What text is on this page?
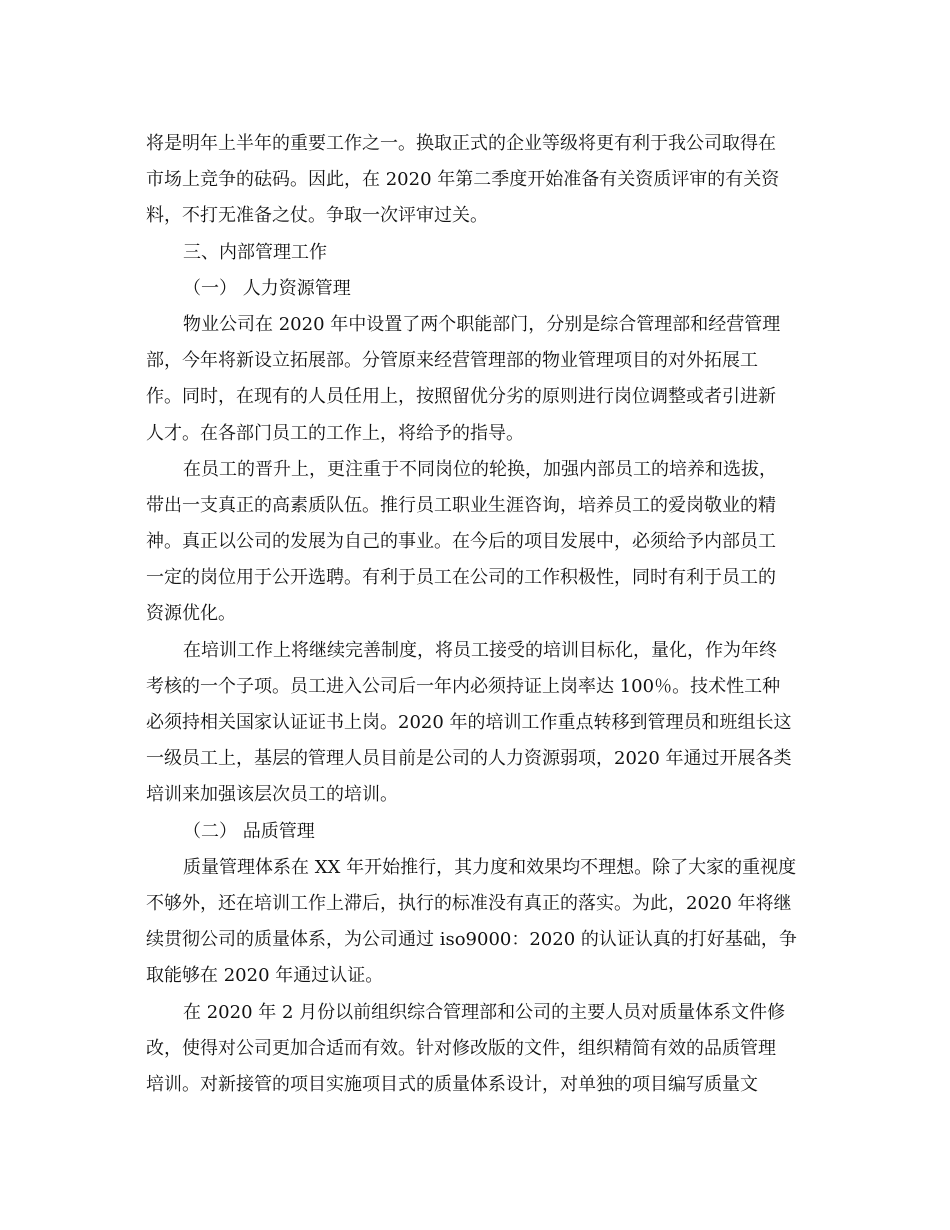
将是明年上半年的重要工作之一。换取正式的企业等级将更有利于我公司取得在
市场上竞争的砝码。因此，在 2020 年第二季度开始准备有关资质评审的有关资
料，不打无准备之仗。争取一次评审过关。
三、内部管理工作
（一） 人力资源管理
物业公司在 2020 年中设置了两个职能部门，分别是综合管理部和经营管理
部，今年将新设立拓展部。分管原来经营管理部的物业管理项目的对外拓展工
作。同时，在现有的人员任用上，按照留优分劣的原则进行岗位调整或者引进新
人才。在各部门员工的工作上，将给予的指导。
在员工的晋升上，更注重于不同岗位的轮换，加强内部员工的培养和选拔，
带出一支真正的高素质队伍。推行员工职业生涯咨询，培养员工的爱岗敬业的精
神。真正以公司的发展为自己的事业。在今后的项目发展中，必须给予内部员工
一定的岗位用于公开选聘。有利于员工在公司的工作积极性，同时有利于员工的
资源优化。
在培训工作上将继续完善制度，将员工接受的培训目标化，量化，作为年终
考核的一个子项。员工进入公司后一年内必须持证上岗率达 100％。技术性工种
必须持相关国家认证证书上岗。2020 年的培训工作重点转移到管理员和班组长这
一级员工上，基层的管理人员目前是公司的人力资源弱项，2020 年通过开展各类
培训来加强该层次员工的培训。
（二） 品质管理
质量管理体系在 XX 年开始推行，其力度和效果均不理想。除了大家的重视度
不够外，还在培训工作上滞后，执行的标准没有真正的落实。为此，2020 年将继
续贯彻公司的质量体系，为公司通过 iso9000：2020 的认证认真的打好基础，争
取能够在 2020 年通过认证。
在 2020 年 2 月份以前组织综合管理部和公司的主要人员对质量体系文件修
改，使得对公司更加合适而有效。针对修改版的文件，组织精简有效的品质管理
培训。对新接管的项目实施项目式的质量体系设计，对单独的项目编写质量文
